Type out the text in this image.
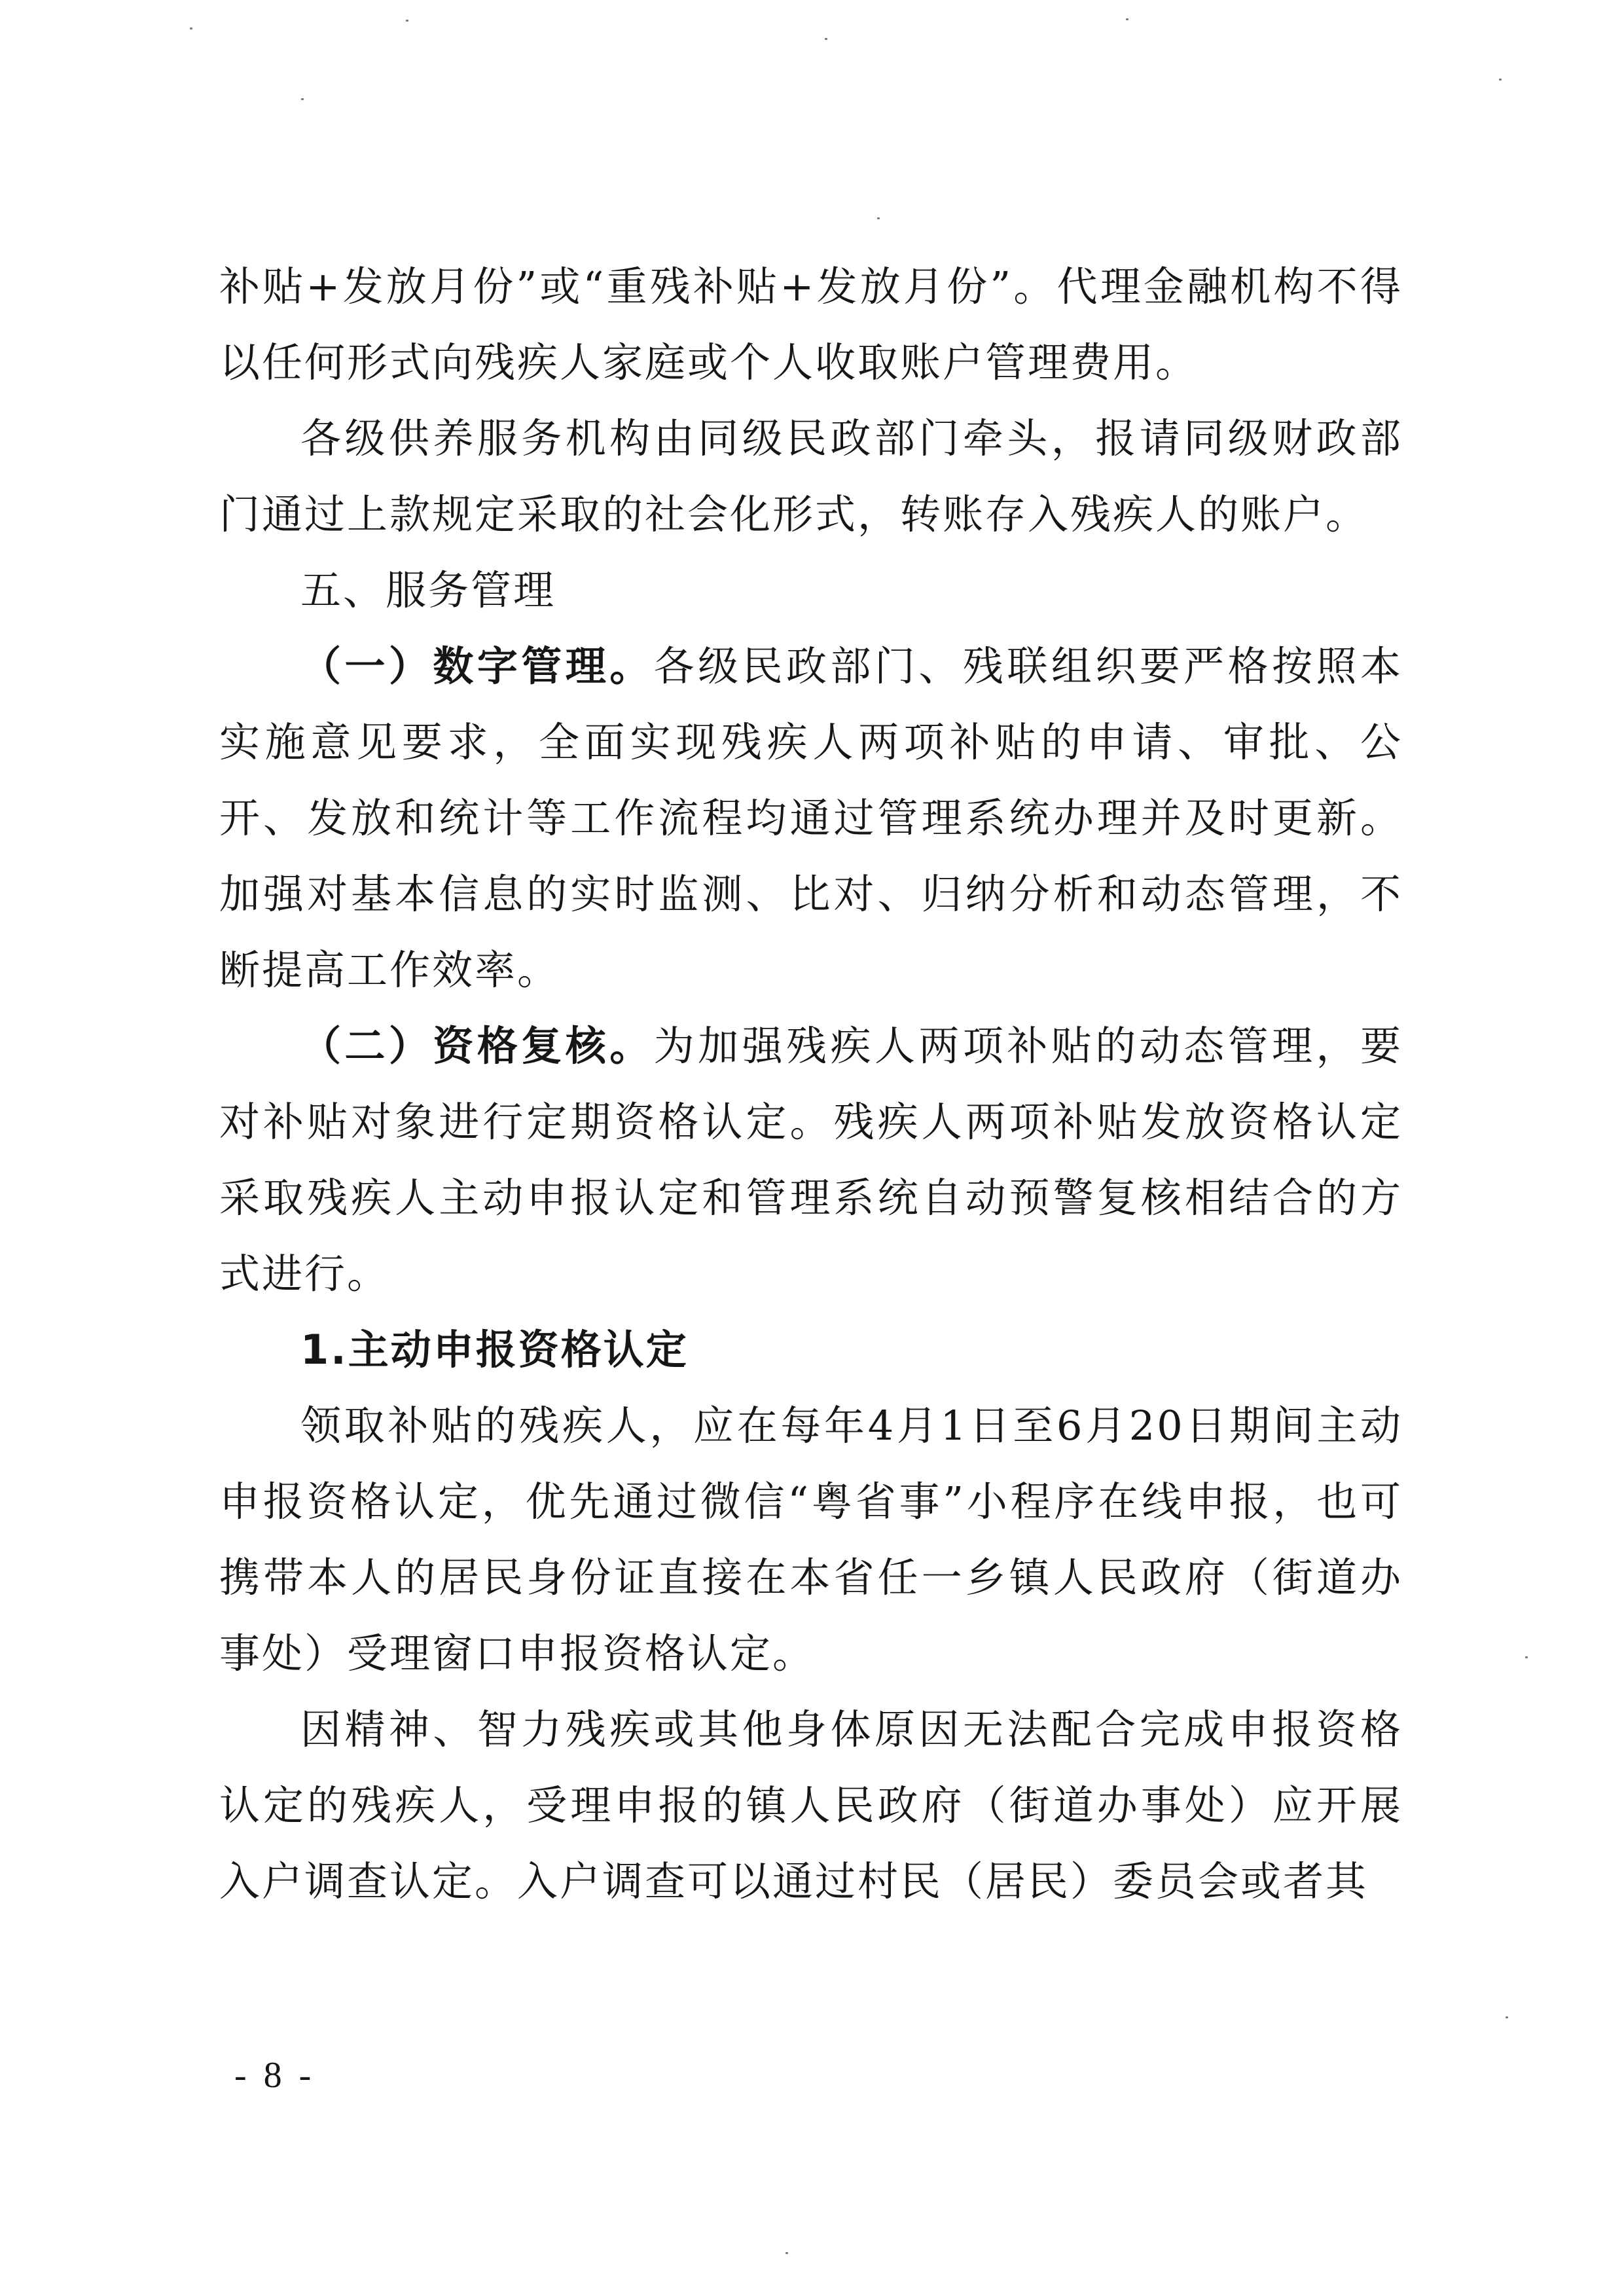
补贴+发放月份”或“重残补贴+发放月份”。代理金融机构不得以任何形式向残疾人家庭或个人收取账户管理费用。

各级供养服务机构由同级民政部门牵头，报请同级财政部门通过上款规定采取的社会化形式，转账存入残疾人的账户。

五、服务管理

（一）数字管理。各级民政部门、残联组织要严格按照本实施意见要求，全面实现残疾人两项补贴的申请、审批、公开、发放和统计等工作流程均通过管理系统办理并及时更新。加强对基本信息的实时监测、比对、归纳分析和动态管理，不断提高工作效率。

（二）资格复核。为加强残疾人两项补贴的动态管理，要对补贴对象进行定期资格认定。残疾人两项补贴发放资格认定采取残疾人主动申报认定和管理系统自动预警复核相结合的方式进行。

1.主动申报资格认定

领取补贴的残疾人，应在每年4月1日至6月20日期间主动申报资格认定，优先通过微信“粤省事”小程序在线申报，也可携带本人的居民身份证直接在本省任一乡镇人民政府（街道办事处）受理窗口申报资格认定。

因精神、智力残疾或其他身体原因无法配合完成申报资格认定的残疾人，受理申报的镇人民政府（街道办事处）应开展入户调查认定。入户调查可以通过村民（居民）委员会或者其

- 8 -
